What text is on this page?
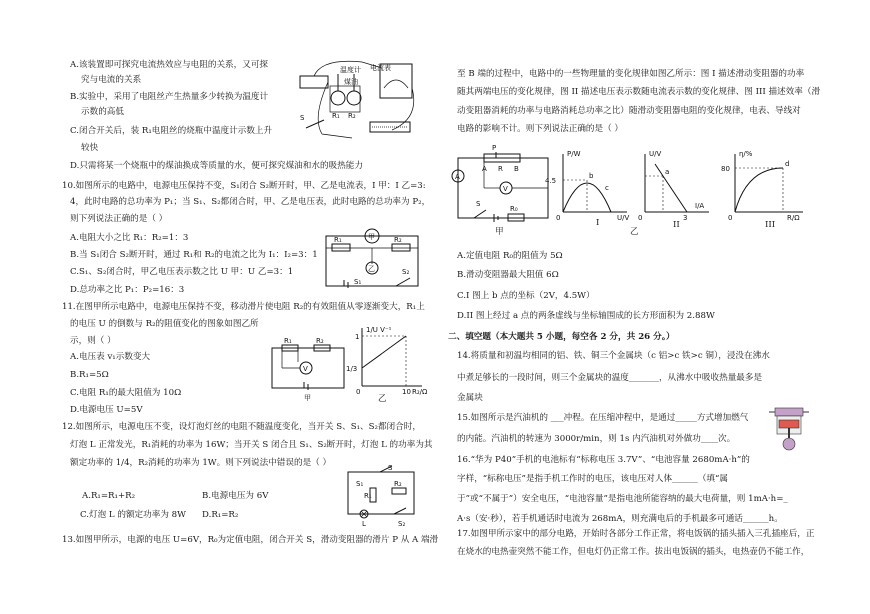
A.该装置即可探究电流热效应与电阻的关系，又可探
究与电流的关系
B.实验中，采用了电阻丝产生热量多少转换为温度计
示数的高低
C.闭合开关后，装 R₁电阻丝的烧瓶中温度计示数上升
较快
D.只需将某一个烧瓶中的煤油换成等质量的水，便可探究煤油和水的吸热能力
温度计
煤油
R₁ R₂
电流表
S
10.如图所示的电路中，电源电压保持不变，S₁闭合 S₂断开时，甲、乙是电流表，I 甲：I 乙=3:
4，此时电路的总功率为 P₁；当 S₁、S₂都闭合时，甲、乙是电压表，此时电路的总功率为 P₂，
则下列说法正确的是（ ）
A.电阻大小之比 R₁：R₂=1：3
B.当 S₁闭合 S₂断开时，通过 R₁和 R₂的电流之比为 I₁：I₂=3：1
C.S₁、S₂闭合时，甲乙电压表示数之比 U 甲：U 乙=3：1
D.总功率之比 P₁：P₂=16：3
甲
R₁	R₂
乙
S₁
S₂
11.在图甲所示电路中，电源电压保持不变，移动滑片使电阻 R₂的有效阻值从零逐渐变大，R₁上
的电压 U 的倒数与 R₂的阻值变化的图象如图乙所
示，则（ ）
A.电压表 v₁示数变大
B.R₁=5Ω
C.电阻 R₁的最大阻值为 10Ω
D.电源电压 U=5V
R₁	R₂
V
甲
1/U V⁻¹
1
1/3
0	10 R₂/Ω
乙
12.如图所示，电源电压不变，设灯泡灯丝的电阻不随温度变化，当开关 S、S₁、S₂都闭合时，
灯泡 L 正常发光，R₁消耗的功率为 16W；当开关 S 闭合且 S₁、S₂断开时，灯泡 L 的功率为其
额定功率的 1/4，R₂消耗的功率为 1W。则下列说法中错误的是（ ）
A.R₁=R₁+R₂	B.电源电压为 6V
C.灯泡 L 的额定功率为 8W D.R₁=R₂
S
S₁
R₁
R₂
L	S₂
13.如图甲所示，电源的电压 U=6V，R₀为定值电阻，闭合开关 S，滑动变阻器的滑片 P 从 A 端滑
至 B 端的过程中，电路中的一些物理量的变化规律如图乙所示：图 I 描述滑动变阻器的功率
随其两端电压的变化规律，图 II 描述电压表示数随电流表示数的变化规律、图 III 描述效率（滑
动变阻器消耗的功率与电路消耗总功率之比）随滑动变阻器电阻的变化规律，电表、导线对
电路的影响不计。则下列说法正确的是（ ）
P
A R B
A
V
S
R₀
甲
P/W
4.5
b
c
0	U/V
I
U/V
a
3
0
I/A
II
乙
η/%
80
d
0	R/Ω
III
A.定值电阻 R₀的阻值为 5Ω
B.滑动变阻器最大阻值 6Ω
C.I 图上 b 点的坐标（2V，4.5W）
D.II 图上经过 a 点的两条虚线与坐标轴围成的长方形面积为 2.88W
二、填空题（本大题共 5 小题，每空各 2 分，共 26 分。）
14.将质量和初温均相同的铝、铁、铜三个金属块（c 铝>c 铁>c 铜），浸没在沸水
中煮足够长的一段时间，则三个金属块的温度_______，从沸水中吸收热量最多是
金属块
15.如图所示是汽油机的 ___冲程。在压缩冲程中，是通过_____方式增加燃气
的内能。汽油机的转速为 3000r/min，则 1s 内汽油机对外做功____次。
16.“华为 P40”手机的电池标有“标称电压 3.7V”、“电池容量 2680mA·h”的
字样，“标称电压”是指手机工作时的电压，该电压对人体______（填“属
于”或“不属于”）安全电压，“电池容量”是指电池所能容纳的最大电荷量，则 1mA·h=_
A·s（安·秒），若手机通话时电流为 268mA，则充满电后的手机最多可通话______h。
17.如图甲所示家中的部分电路，开始时各部分工作正常，将电饭锅的插头插入三孔插座后，正
在烧水的电热壶突然不能工作，但电灯仍正常工作。拔出电饭锅的插头，电热壶仍不能工作，
